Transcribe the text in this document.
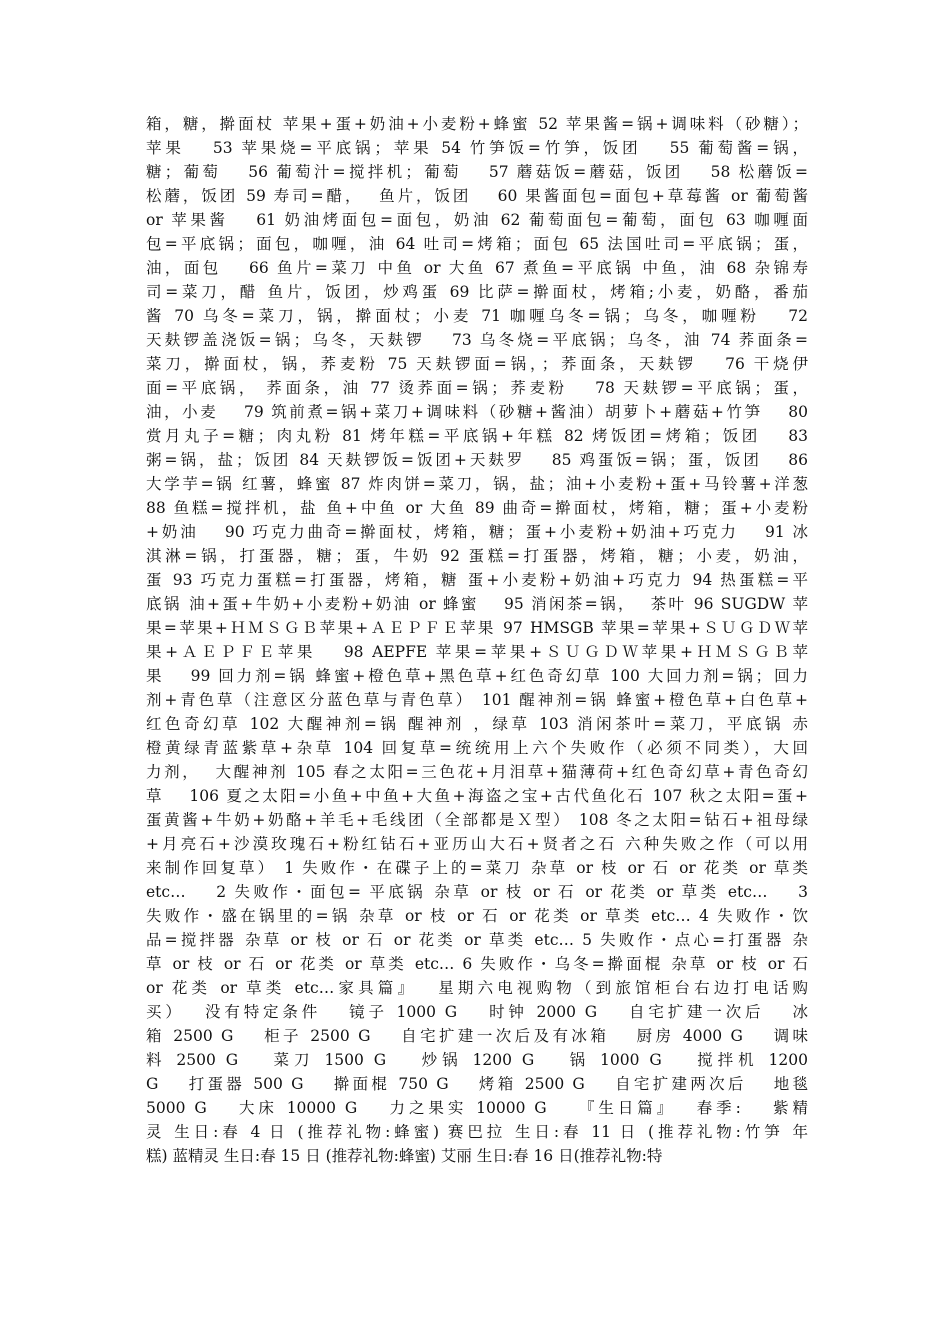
箱，糖，擀面杖 苹果+蛋+奶油+小麦粉+蜂蜜 52 苹果酱=锅+调味料（砂糖）；
苹果　 53 苹果烧=平底锅；苹果 54 竹笋饭=竹笋，饭团　 55 葡萄酱=锅，
糖；葡萄　 56 葡萄汁=搅拌机；葡萄　 57 蘑菇饭=蘑菇，饭团　 58 松蘑饭=
松蘑，饭团 59 寿司=醋，  鱼片，饭团　 60 果酱面包=面包+草莓酱 or 葡萄酱
or 苹果酱　 61 奶油烤面包=面包，奶油 62 葡萄面包=葡萄，面包 63 咖喱面
包=平底锅；面包，咖喱，油 64 吐司=烤箱；面包 65 法国吐司=平底锅；蛋，
油，面包　 66 鱼片=菜刀 中鱼 or 大鱼 67 煮鱼=平底锅 中鱼，油 68 杂锦寿
司=菜刀，醋 鱼片，饭团，炒鸡蛋 69 比萨=擀面杖，烤箱;小麦，奶酪，番茄
酱 70 乌冬=菜刀，锅，擀面杖；小麦 71 咖喱乌冬=锅；乌冬，咖喱粉　 72
天麸锣盖浇饭=锅；乌冬，天麸锣　 73 乌冬烧=平底锅；乌冬，油 74 荞面条=
菜刀，擀面杖，锅，荞麦粉 75 天麸锣面=锅，；荞面条，天麸锣　 76 干烧伊
面=平底锅， 荞面条，油 77 烫荞面=锅；荞麦粉　 78 天麸锣=平底锅；蛋，
油，小麦　 79 筑前煮=锅+菜刀+调味料（砂糖+酱油）胡萝卜+蘑菇+竹笋　 80
赏月丸子=糖；肉丸粉 81 烤年糕=平底锅+年糕 82 烤饭团=烤箱；饭团　 83
粥=锅，盐；饭团 84 天麸锣饭=饭团+天麸罗　 85 鸡蛋饭=锅；蛋，饭团　 86
大学芋=锅 红薯，蜂蜜 87 炸肉饼=菜刀，锅，盐；油+小麦粉+蛋+马铃薯+洋葱
88 鱼糕=搅拌机，盐 鱼+中鱼 or 大鱼 89 曲奇=擀面杖，烤箱，糖；蛋+小麦粉
+奶油　 90 巧克力曲奇=擀面杖，烤箱，糖；蛋+小麦粉+奶油+巧克力　 91 冰
淇淋=锅，打蛋器，糖；蛋，牛奶 92 蛋糕=打蛋器，烤箱，糖；小麦，奶油，
蛋 93 巧克力蛋糕=打蛋器，烤箱，糖 蛋+小麦粉+奶油+巧克力 94 热蛋糕=平
底锅 油+蛋+牛奶+小麦粉+奶油 or 蜂蜜　 95 消闲茶=锅，  茶叶 96 SUGDW 苹
果=苹果+ＨＭＳＧＢ苹果+ＡＥＰＦＥ苹果 97 HMSGB 苹果=苹果+ＳＵＧＤＷ苹
果+ＡＥＰＦＥ苹果　 98 AEPFE 苹果=苹果+ＳＵＧＤＷ苹果+ＨＭＳＧＢ苹
果　 99 回力剂=锅 蜂蜜+橙色草+黑色草+红色奇幻草 100 大回力剂=锅；回力
剂+青色草（注意区分蓝色草与青色草） 101 醒神剂=锅 蜂蜜+橙色草+白色草+
红色奇幻草 102 大醒神剂=锅 醒神剂 ，绿草 103 消闲茶叶=菜刀，平底锅 赤
橙黄绿青蓝紫草+杂草 104 回复草=统统用上六个失败作（必须不同类），大回
力剂，  大醒神剂 105 春之太阳=三色花+月泪草+猫薄荷+红色奇幻草+青色奇幻
草　 106 夏之太阳=小鱼+中鱼+大鱼+海盗之宝+古代鱼化石 107 秋之太阳=蛋+
蛋黄酱+牛奶+奶酪+羊毛+毛线团（全部都是Ｘ型） 108 冬之太阳=钻石+祖母绿
+月亮石+沙漠玫瑰石+粉红钻石+亚历山大石+贤者之石 六种失败之作（可以用
来制作回复草） 1 失败作・在碟子上的=菜刀 杂草 or 枝 or 石 or 花类 or 草类
etc…　 2 失败作・面包= 平底锅 杂草 or 枝 or 石 or 花类 or 草类 etc…　 3
失败作・盛在锅里的=锅 杂草 or 枝 or 石 or 花类 or 草类 etc… 4 失败作・饮
品=搅拌器 杂草 or 枝 or 石 or 花类 or 草类 etc… 5 失败作・点心=打蛋器 杂
草 or 枝 or 石 or 花类 or 草类 etc… 6 失败作・乌冬=擀面棍 杂草 or 枝 or 石
or 花类 or 草类 etc…家具篇』　 星期六电视购物（到旅馆柜台右边打电话购
买）　 没有特定条件　 镜子 1000 G　 时钟 2000 G　 自宅扩建一次后　 冰
箱 2500 G　 柜子 2500 G　 自宅扩建一次后及有冰箱　 厨房 4000 G　 调味
料 2500 G　 菜刀 1500 G　 炒锅 1200 G　 锅 1000 G　 搅拌机 1200
G　 打蛋器 500 G　 擀面棍 750 G　 烤箱 2500 G　 自宅扩建两次后　 地毯
5000 G　 大床 10000 G　 力之果实 10000 G　 『生日篇』　 春季:　 紫精
灵 生日:春 4 日 (推荐礼物:蜂蜜) 赛巴拉 生日:春 11 日 (推荐礼物:竹笋 年
糕) 蓝精灵 生日:春 15 日 (推荐礼物:蜂蜜) 艾丽 生日:春 16 日(推荐礼物:特
